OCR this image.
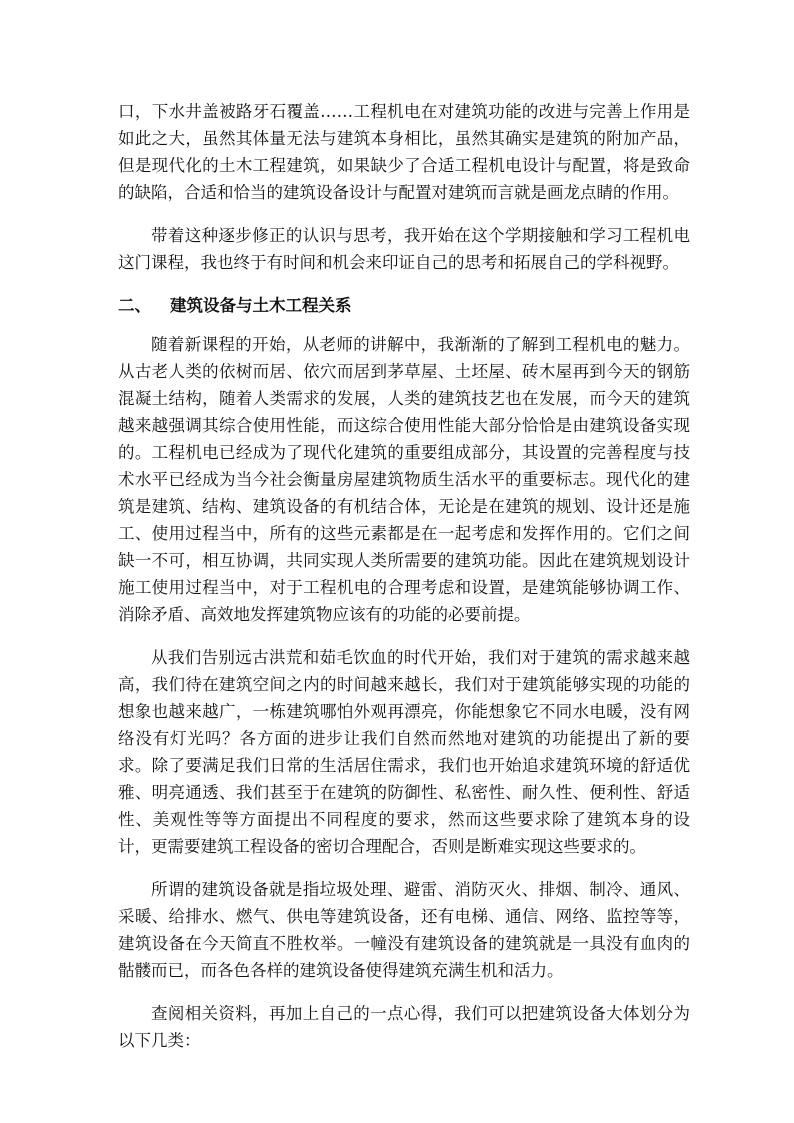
口，下水井盖被路牙石覆盖……工程机电在对建筑功能的改进与完善上作用是如此之大，虽然其体量无法与建筑本身相比，虽然其确实是建筑的附加产品，但是现代化的土木工程建筑，如果缺少了合适工程机电设计与配置，将是致命的缺陷，合适和恰当的建筑设备设计与配置对建筑而言就是画龙点睛的作用。

带着这种逐步修正的认识与思考，我开始在这个学期接触和学习工程机电这门课程，我也终于有时间和机会来印证自己的思考和拓展自己的学科视野。

二、 建筑设备与土木工程关系

随着新课程的开始，从老师的讲解中，我渐渐的了解到工程机电的魅力。从古老人类的依树而居、依穴而居到茅草屋、土坯屋、砖木屋再到今天的钢筋混凝土结构，随着人类需求的发展，人类的建筑技艺也在发展，而今天的建筑越来越强调其综合使用性能，而这综合使用性能大部分恰恰是由建筑设备实现的。工程机电已经成为了现代化建筑的重要组成部分，其设置的完善程度与技术水平已经成为当今社会衡量房屋建筑物质生活水平的重要标志。现代化的建筑是建筑、结构、建筑设备的有机结合体，无论是在建筑的规划、设计还是施工、使用过程当中，所有的这些元素都是在一起考虑和发挥作用的。它们之间缺一不可，相互协调，共同实现人类所需要的建筑功能。因此在建筑规划设计施工使用过程当中，对于工程机电的合理考虑和设置，是建筑能够协调工作、消除矛盾、高效地发挥建筑物应该有的功能的必要前提。

从我们告别远古洪荒和茹毛饮血的时代开始，我们对于建筑的需求越来越高，我们待在建筑空间之内的时间越来越长，我们对于建筑能够实现的功能的想象也越来越广，一栋建筑哪怕外观再漂亮，你能想象它不同水电暖，没有网络没有灯光吗？各方面的进步让我们自然而然地对建筑的功能提出了新的要求。除了要满足我们日常的生活居住需求，我们也开始追求建筑环境的舒适优雅、明亮通透、我们甚至于在建筑的防御性、私密性、耐久性、便利性、舒适性、美观性等等方面提出不同程度的要求，然而这些要求除了建筑本身的设计，更需要建筑工程设备的密切合理配合，否则是断难实现这些要求的。

所谓的建筑设备就是指垃圾处理、避雷、消防灭火、排烟、制冷、通风、采暖、给排水、燃气、供电等建筑设备，还有电梯、通信、网络、监控等等，建筑设备在今天简直不胜枚举。一幢没有建筑设备的建筑就是一具没有血肉的骷髅而已，而各色各样的建筑设备使得建筑充满生机和活力。

查阅相关资料，再加上自己的一点心得，我们可以把建筑设备大体划分为以下几类：
